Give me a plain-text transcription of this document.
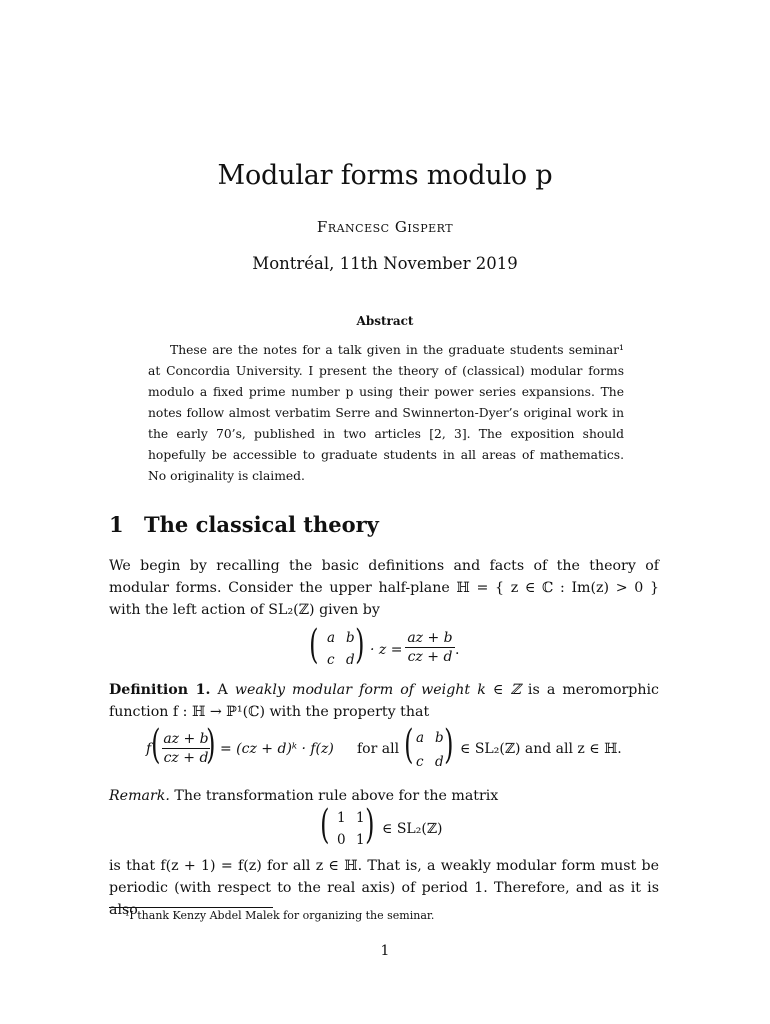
Modular forms modulo p
Francesc Gispert
Montréal, 11th November 2019
Abstract
These are the notes for a talk given in the graduate students seminar¹ at Concordia University. I present the theory of (classical) modular forms modulo a fixed prime number p using their power series expansions. The notes follow almost verbatim Serre and Swinnerton-Dyer’s original work in the early 70’s, published in two articles [2, 3]. The exposition should hopefully be accessible to graduate students in all areas of mathematics. No originality is claimed.
1 The classical theory
We begin by recalling the basic definitions and facts of the theory of modular forms. Consider the upper half-plane ℍ = { z ∈ ℂ : Im(z) > 0 } with the left action of SL₂(ℤ) given by
( a b
c d ) · z =
az + b
cz + d .
Definition 1. A weakly modular form of weight k ∈ ℤ is a meromorphic function f : ℍ → ℙ¹(ℂ) with the property that
f ( az + b
cz + d
) = (cz + d)ᵏ · f(z) for all ( a b
c d ) ∈ SL₂(ℤ) and all z ∈ ℍ.
Remark. The transformation rule above for the matrix
( 1 1
0 1 ) ∈ SL₂(ℤ)
is that f(z + 1) = f(z) for all z ∈ ℍ. That is, a weakly modular form must be periodic (with respect to the real axis) of period 1. Therefore, and as it is also
¹I thank Kenzy Abdel Malek for organizing the seminar.
1
